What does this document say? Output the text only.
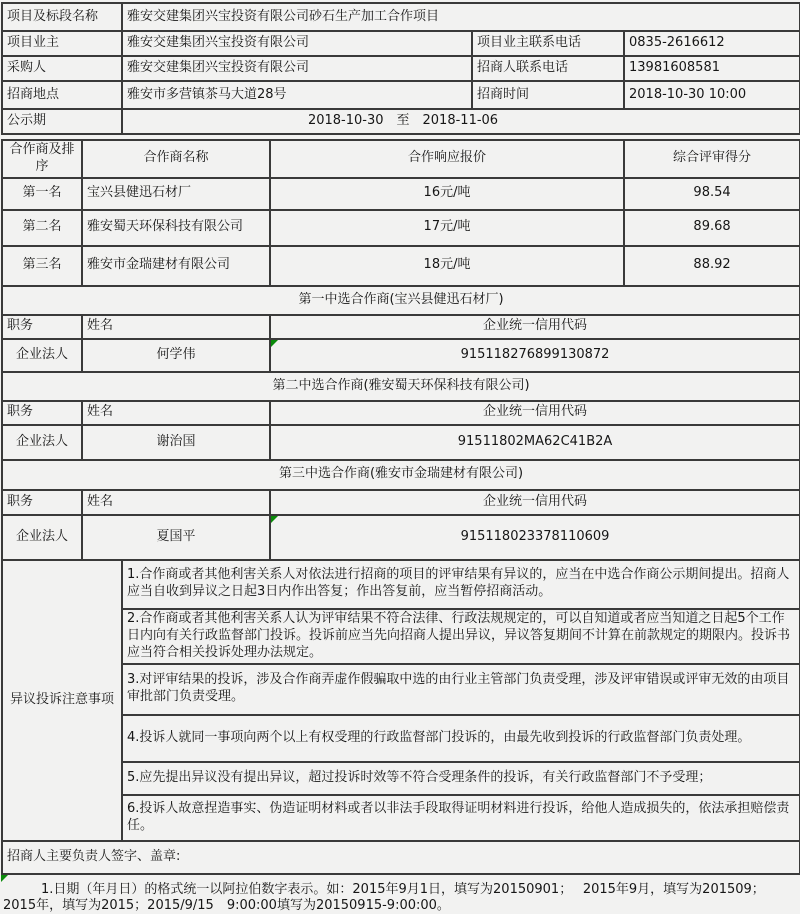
项目及标段名称	雅安交建集团兴宝投资有限公司砂石生产加工合作项目		
项目业主	雅安交建集团兴宝投资有限公司	项目业主联系电话	0835-2616612
采购人	雅安交建集团兴宝投资有限公司	招商人联系电话	13981608581
招商地点	雅安市多营镇茶马大道28号	招商时间	2018-10-30 10:00
公示期	2018-10-30　至　2018-11-06		
合作商及排序	合作商名称		合作响应报价	综合评审得分
第一名	宝兴县健迅石材厂		16元/吨	98.54
第二名	雅安蜀天环保科技有限公司		17元/吨	89.68
第三名	雅安市金瑞建材有限公司		18元/吨	88.92
第一中选合作商(宝兴县健迅石材厂)				
职务	姓名		企业统一信用代码	
企业法人	何学伟		915118276899130872	
第二中选合作商(雅安蜀天环保科技有限公司)				
职务	姓名		企业统一信用代码	
企业法人	谢治国		91511802MA62C41B2A	
第三中选合作商(雅安市金瑞建材有限公司)				
职务	姓名		企业统一信用代码	
企业法人	夏国平		915118023378110609	
异议投诉注意事项		1.合作商或者其他利害关系人对依法进行招商的项目的评审结果有异议的，应当在中选合作商公示期间提出。招商人应当自收到异议之日起3日内作出答复；作出答复前，应当暂停招商活动。		
		2.合作商或者其他利害关系人认为评审结果不符合法律、行政法规规定的，可以自知道或者应当知道之日起5个工作日内向有关行政监督部门投诉。投诉前应当先向招商人提出异议，异议答复期间不计算在前款规定的期限内。投诉书应当符合相关投诉处理办法规定。		
		3.对评审结果的投诉，涉及合作商弄虚作假骗取中选的由行业主管部门负责受理，涉及评审错误或评审无效的由项目审批部门负责受理。		
		4.投诉人就同一事项向两个以上有权受理的行政监督部门投诉的，由最先收到投诉的行政监督部门负责处理。		
		5.应先提出异议没有提出异议，超过投诉时效等不符合受理条件的投诉，有关行政监督部门不予受理；		
		6.投诉人故意捏造事实、伪造证明材料或者以非法手段取得证明材料进行投诉，给他人造成损失的，依法承担赔偿责任。		
招商人主要负责人签字、盖章:				

1.日期（年月日）的格式统一以阿拉伯数字表示。如：2015年9月1日，填写为20150901；　 2015年9月，填写为201509；2015年，填写为2015；2015/9/15　9:00:00填写为20150915-9:00:00。
